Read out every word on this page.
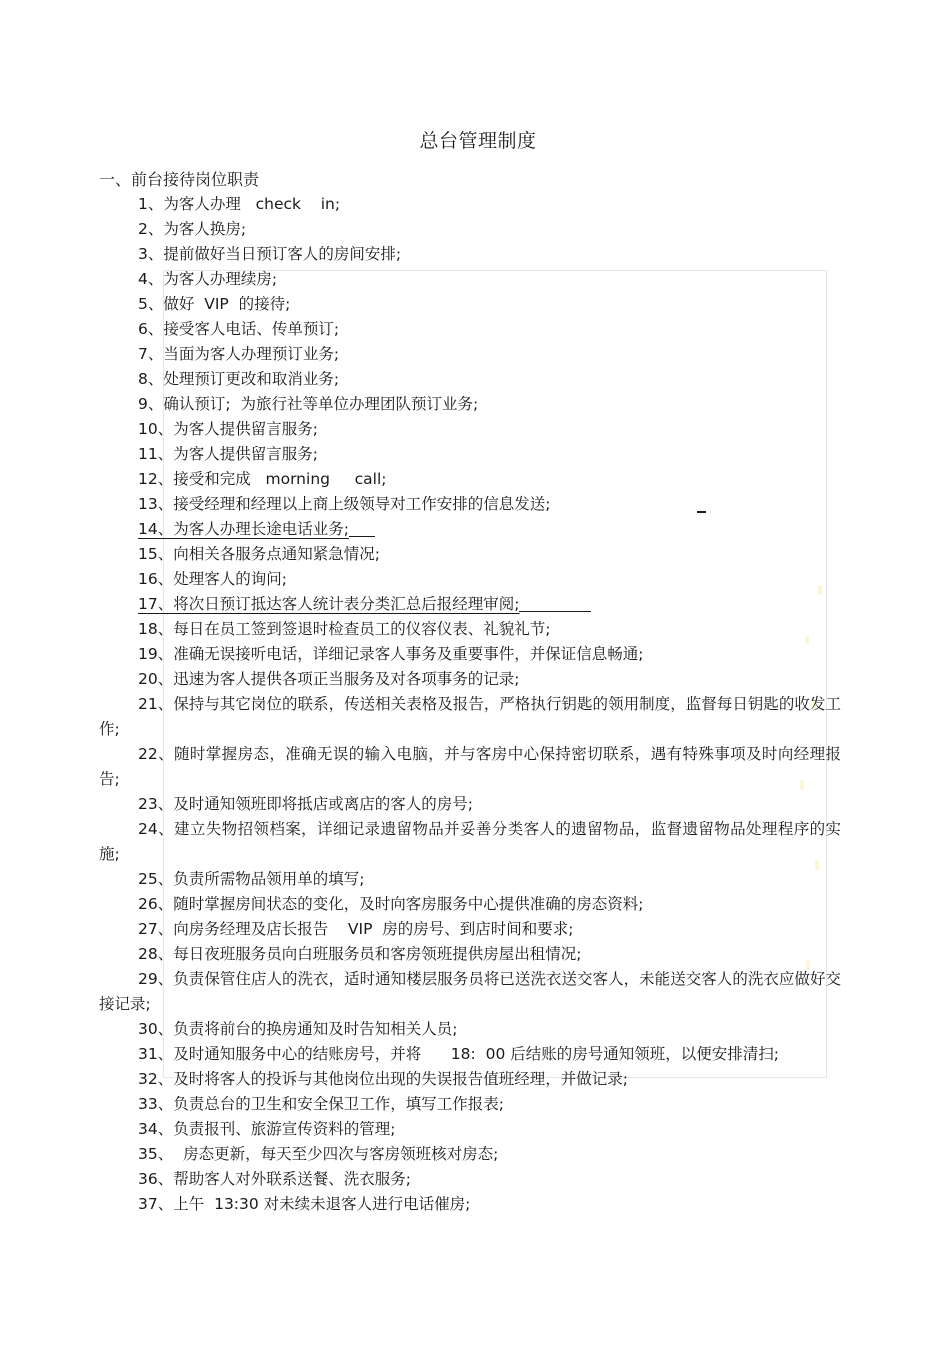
总台管理制度
一、前台接待岗位职责
1、为客人办理   check    in;
2、为客人换房;
3、提前做好当日预订客人的房间安排;
4、为客人办理续房;
5、做好  VIP  的接待;
6、接受客人电话、传单预订;
7、当面为客人办理预订业务;
8、处理预订更改和取消业务;
9、确认预订;  为旅行社等单位办理团队预订业务;
10、为客人提供留言服务;
11、为客人提供留言服务;
12、接受和完成   morning     call;
13、接受经理和经理以上商上级领导对工作安排的信息发送;
14、为客人办理长途电话业务;
15、向相关各服务点通知紧急情况;
16、处理客人的询问;
17、将次日预订抵达客人统计表分类汇总后报经理审阅;
18、每日在员工签到签退时检查员工的仪容仪表、礼貌礼节;
19、准确无误接听电话，详细记录客人事务及重要事件，并保证信息畅通;
20、迅速为客人提供各项正当服务及对各项事务的记录;
21、保持与其它岗位的联系，传送相关表格及报告，严格执行钥匙的领用制度，监督每日钥匙的收发工作;
22、随时掌握房态，准确无误的输入电脑，并与客房中心保持密切联系，遇有特殊事项及时向经理报告;
23、及时通知领班即将抵店或离店的客人的房号;
24、建立失物招领档案，详细记录遗留物品并妥善分类客人的遗留物品，监督遗留物品处理程序的实施;
25、负责所需物品领用单的填写;
26、随时掌握房间状态的变化，及时向客房服务中心提供准确的房态资料;
27、向房务经理及店长报告    VIP  房的房号、到店时间和要求;
28、每日夜班服务员向白班服务员和客房领班提供房屋出租情况;
29、负责保管住店人的洗衣，适时通知楼层服务员将已送洗衣送交客人，未能送交客人的洗衣应做好交接记录;
30、负责将前台的换房通知及时告知相关人员;
31、及时通知服务中心的结账房号，并将      18:  00 后结账的房号通知领班，以便安排清扫;
32、及时将客人的投诉与其他岗位出现的失误报告值班经理，并做记录;
33、负责总台的卫生和安全保卫工作，填写工作报表;
34、负责报刊、旅游宣传资料的管理;
35、  房态更新，每天至少四次与客房领班核对房态;
36、帮助客人对外联系送餐、洗衣服务;
37、上午  13:30 对未续未退客人进行电话催房;
